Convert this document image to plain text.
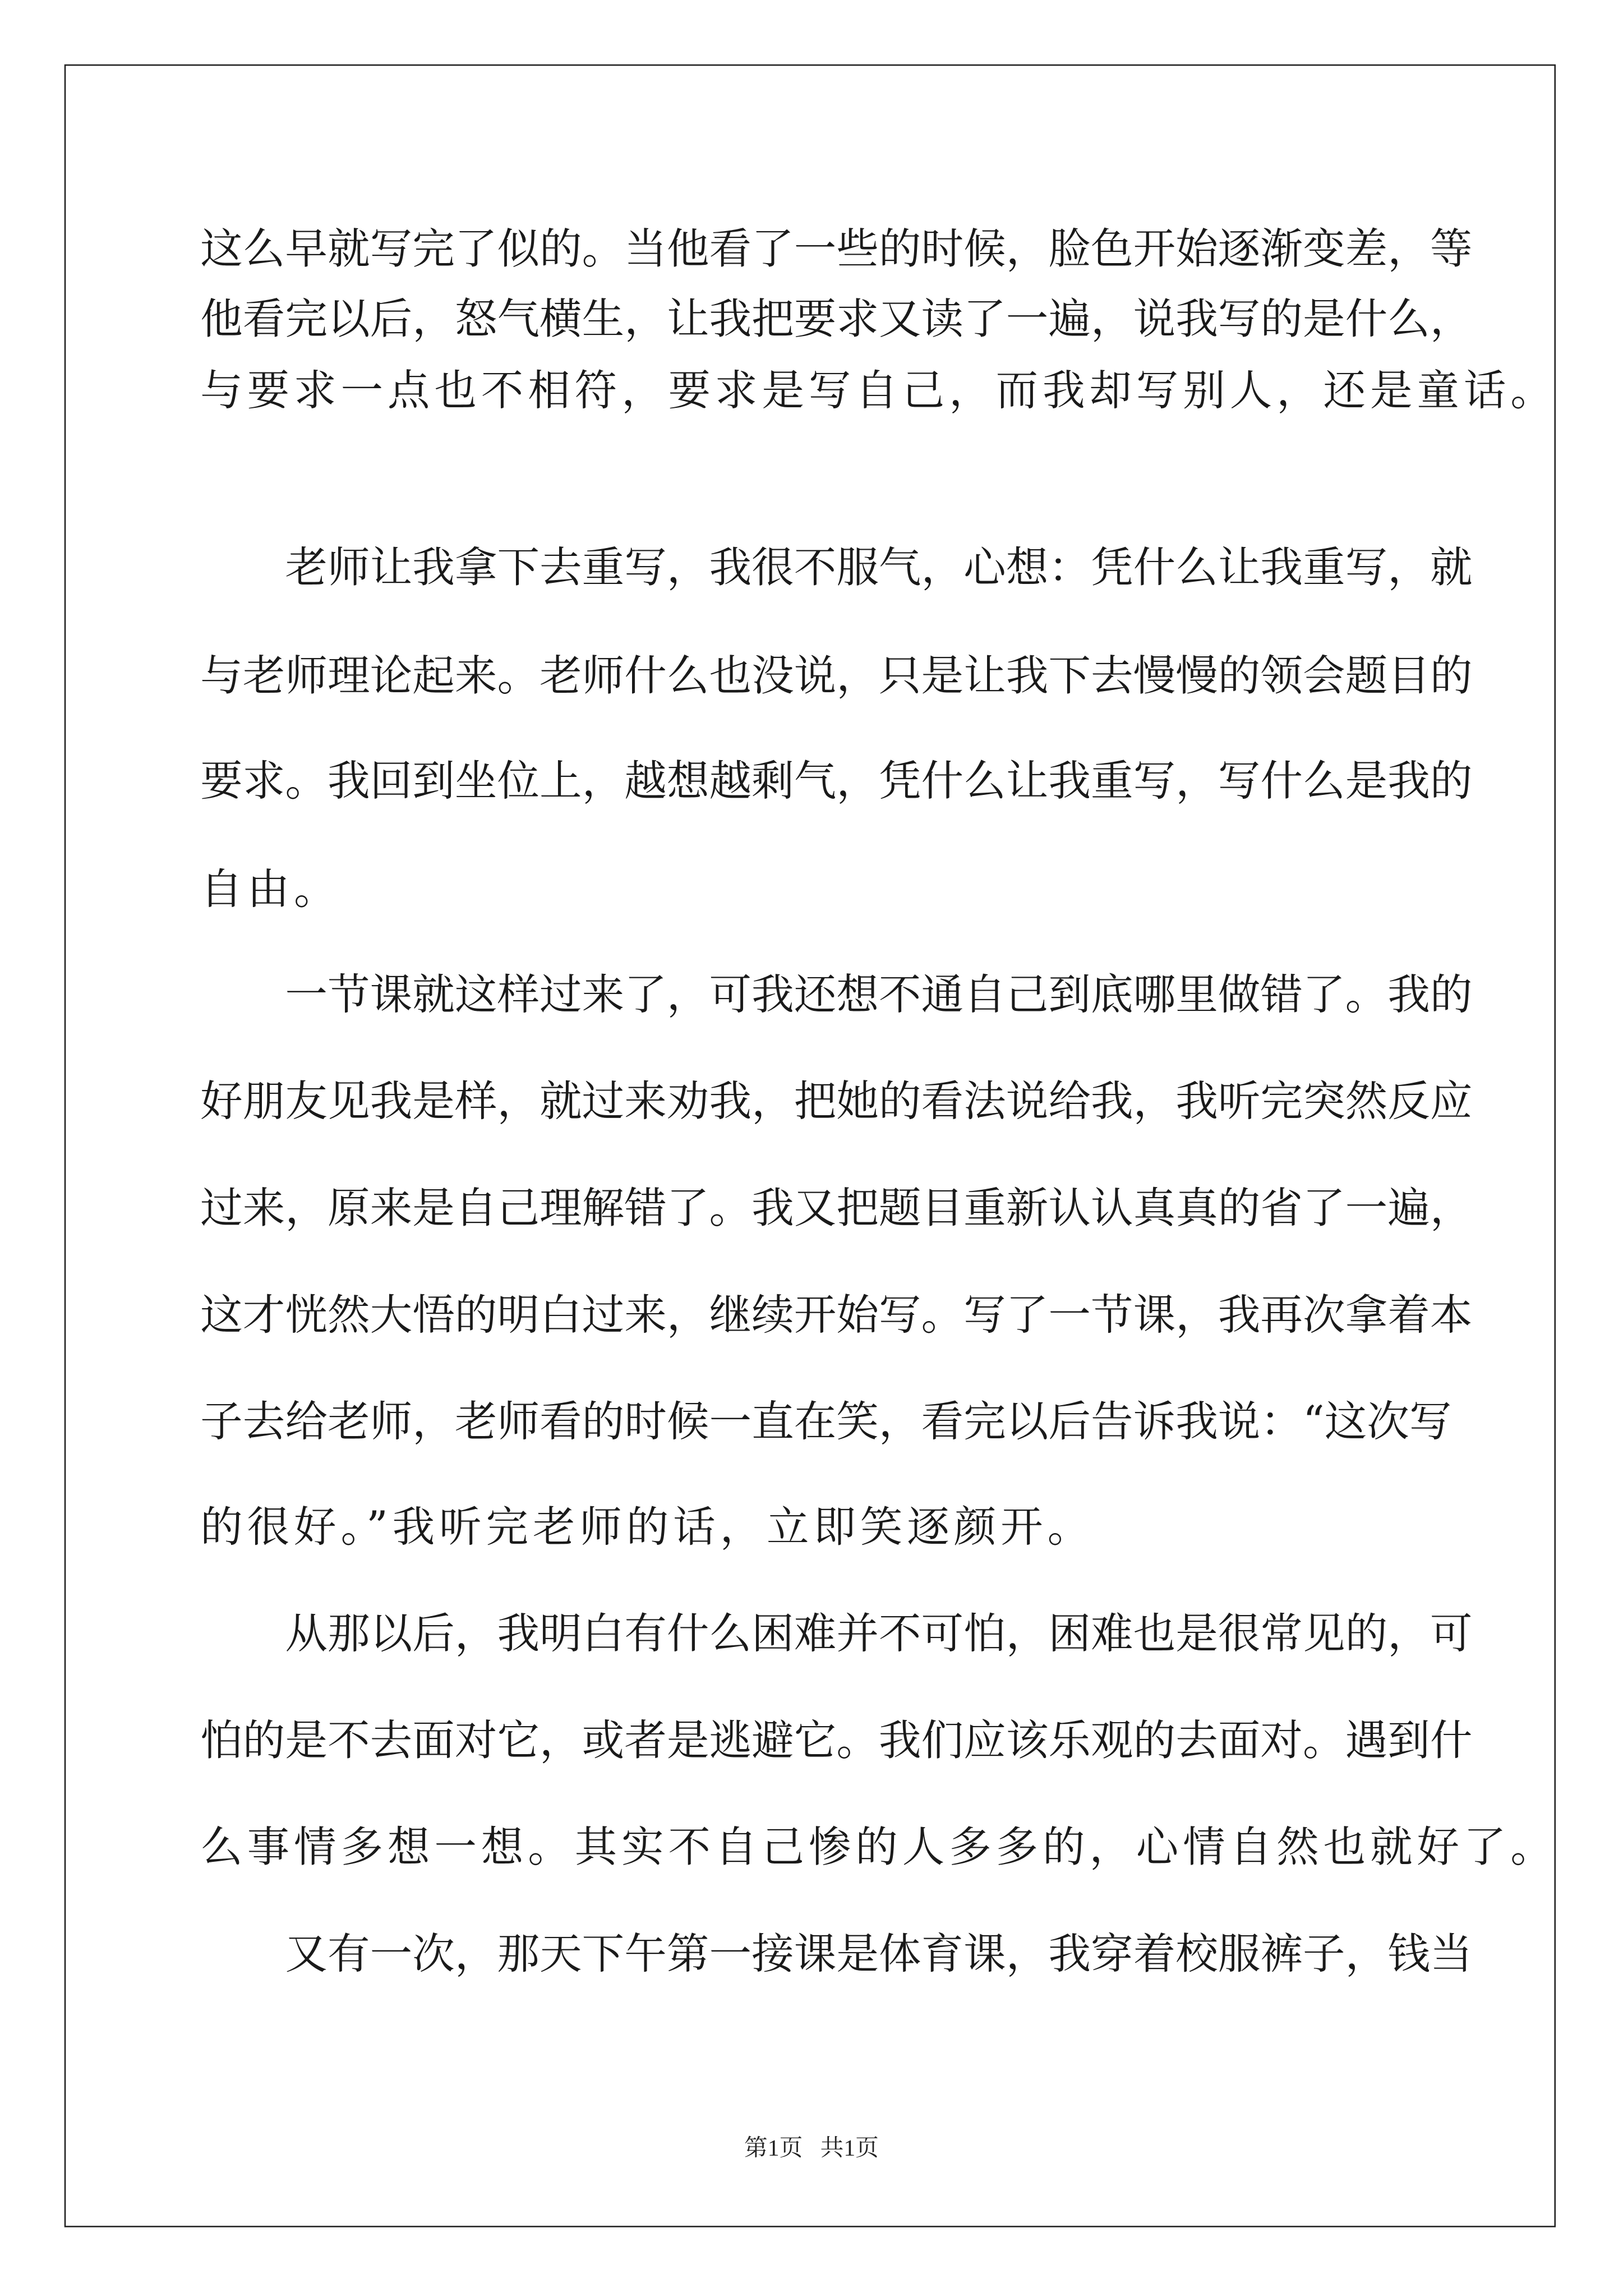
这么早就写完了似的。当他看了一些的时候，脸色开始逐渐变差，等
他看完以后，怒气横生，让我把要求又读了一遍，说我写的是什么，
与要求一点也不相符，要求是写自己，而我却写别人，还是童话。
老师让我拿下去重写，我很不服气，心想：凭什么让我重写，就
与老师理论起来。老师什么也没说，只是让我下去慢慢的领会题目的
要求。我回到坐位上，越想越剩气，凭什么让我重写，写什么是我的
自由。
一节课就这样过来了，可我还想不通自己到底哪里做错了。我的
好朋友见我是样，就过来劝我，把她的看法说给我，我听完突然反应
过来，原来是自己理解错了。我又把题目重新认认真真的省了一遍，
这才恍然大悟的明白过来，继续开始写。写了一节课，我再次拿着本
子去给老师，老师看的时候一直在笑，看完以后告诉我说：“这次写
的很好。”我听完老师的话，立即笑逐颜开。
从那以后，我明白有什么困难并不可怕，困难也是很常见的，可
怕的是不去面对它，或者是逃避它。我们应该乐观的去面对。遇到什
么事情多想一想。其实不自己惨的人多多的，心情自然也就好了。
又有一次，那天下午第一接课是体育课，我穿着校服裤子，钱当
第1页   共1页
